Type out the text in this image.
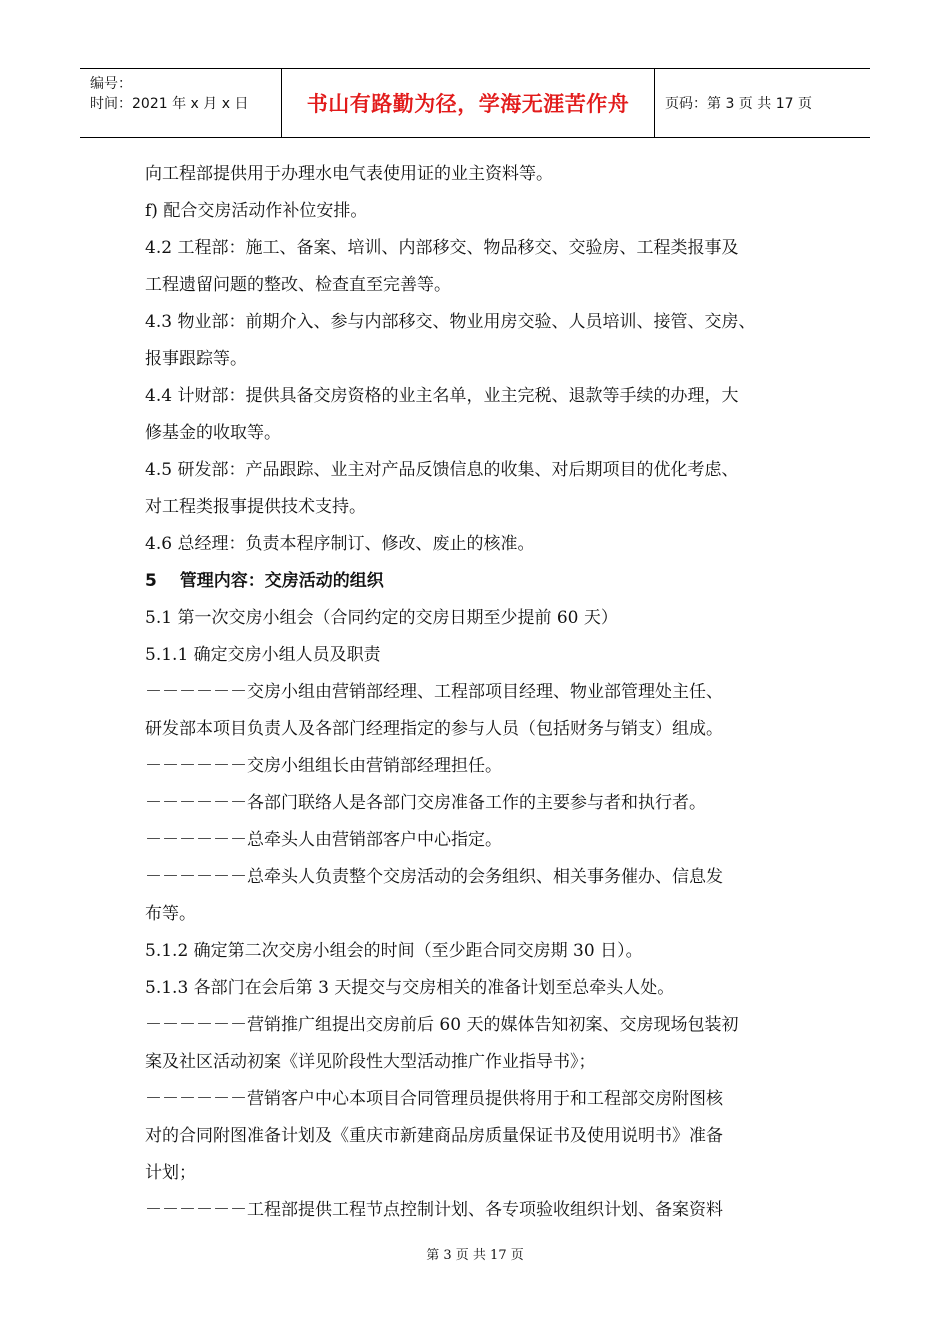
编号：
时间：2021 年 x 月 x 日	书山有路勤为径，学海无涯苦作舟	页码：第 3 页 共 17 页
向工程部提供用于办理水电气表使用证的业主资料等。
f) 配合交房活动作补位安排。
4.2 工程部：施工、备案、培训、内部移交、物品移交、交验房、工程类报事及
工程遗留问题的整改、检查直至完善等。
4.3 物业部：前期介入、参与内部移交、物业用房交验、人员培训、接管、交房、
报事跟踪等。
4.4 计财部：提供具备交房资格的业主名单，业主完税、退款等手续的办理，大
修基金的收取等。
4.5 研发部：产品跟踪、业主对产品反馈信息的收集、对后期项目的优化考虑、
对工程类报事提供技术支持。
4.6 总经理：负责本程序制订、修改、废止的核准。
5　 管理内容：交房活动的组织
5.1 第一次交房小组会（合同约定的交房日期至少提前 60 天）
5.1.1 确定交房小组人员及职责
－－－－－－交房小组由营销部经理、工程部项目经理、物业部管理处主任、
研发部本项目负责人及各部门经理指定的参与人员（包括财务与销支）组成。
－－－－－－交房小组组长由营销部经理担任。
－－－－－－各部门联络人是各部门交房准备工作的主要参与者和执行者。
－－－－－－总牵头人由营销部客户中心指定。
－－－－－－总牵头人负责整个交房活动的会务组织、相关事务催办、信息发
布等。
5.1.2 确定第二次交房小组会的时间（至少距合同交房期 30 日）。
5.1.3 各部门在会后第 3 天提交与交房相关的准备计划至总牵头人处。
－－－－－－营销推广组提出交房前后 60 天的媒体告知初案、交房现场包装初
案及社区活动初案《详见阶段性大型活动推广作业指导书》；
－－－－－－营销客户中心本项目合同管理员提供将用于和工程部交房附图核
对的合同附图准备计划及《重庆市新建商品房质量保证书及使用说明书》准备
计划；
－－－－－－工程部提供工程节点控制计划、各专项验收组织计划、备案资料
第 3 页 共 17 页
